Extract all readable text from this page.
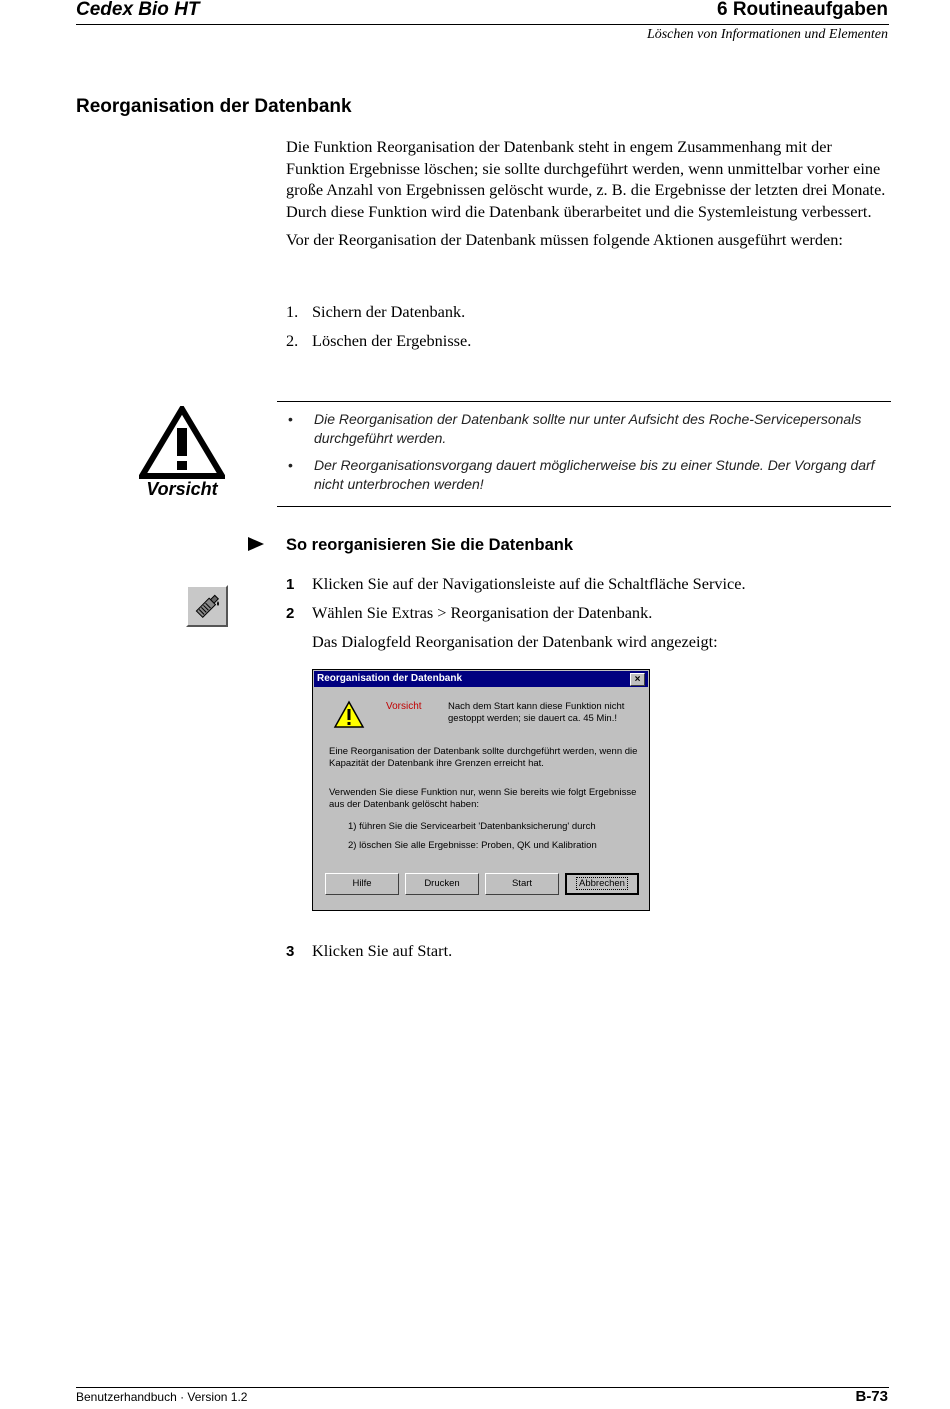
Cedex Bio HT	6 Routineaufgaben
Löschen von Informationen und Elementen
Reorganisation der Datenbank

Die Funktion Reorganisation der Datenbank steht in engem Zusammenhang mit der Funktion Ergebnisse löschen; sie sollte durchgeführt werden, wenn unmittelbar vorher eine große Anzahl von Ergebnissen gelöscht wurde, z. B. die Ergebnisse der letzten drei Monate. Durch diese Funktion wird die Datenbank überarbeitet und die Systemleistung verbessert.

Vor der Reorganisation der Datenbank müssen folgende Aktionen ausgeführt werden:

1. Sichern der Datenbank.
2. Löschen der Ergebnisse.
Vorsicht
• Die Reorganisation der Datenbank sollte nur unter Aufsicht des Roche-Servicepersonals durchgeführt werden.
• Der Reorganisationsvorgang dauert möglicherweise bis zu einer Stunde. Der Vorgang darf nicht unterbrochen werden!
So reorganisieren Sie die Datenbank
1 Klicken Sie auf der Navigationsleiste auf die Schaltfläche Service.
2 Wählen Sie Extras > Reorganisation der Datenbank.
Das Dialogfeld Reorganisation der Datenbank wird angezeigt:
3 Klicken Sie auf Start.
Reorganisation der Datenbank	×
Vorsicht	Nach dem Start kann diese Funktion nicht gestoppt werden; sie dauert ca. 45 Min.!
Eine Reorganisation der Datenbank sollte durchgeführt werden, wenn die Kapazität der Datenbank ihre Grenzen erreicht hat.
Verwenden Sie diese Funktion nur, wenn Sie bereits wie folgt Ergebnisse aus der Datenbank gelöscht haben:
1) führen Sie die Servicearbeit 'Datenbanksicherung' durch
2) löschen Sie alle Ergebnisse: Proben, QK und Kalibration
Hilfe	Drucken	Start	Abbrechen
Benutzerhandbuch · Version 1.2	B-73
